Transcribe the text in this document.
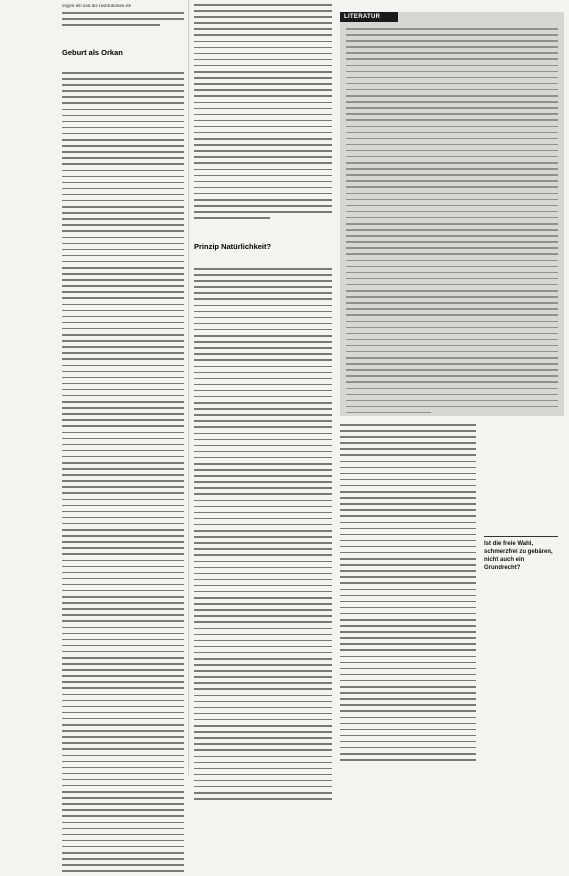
ungen leb und die Institutionen ste
Geburt als Orkan
Prinzip Natürlichkeit?
LITERATUR
Ist die freie Wahl, schmerzfrei zu gebären, nicht auch ein Grundrecht?
